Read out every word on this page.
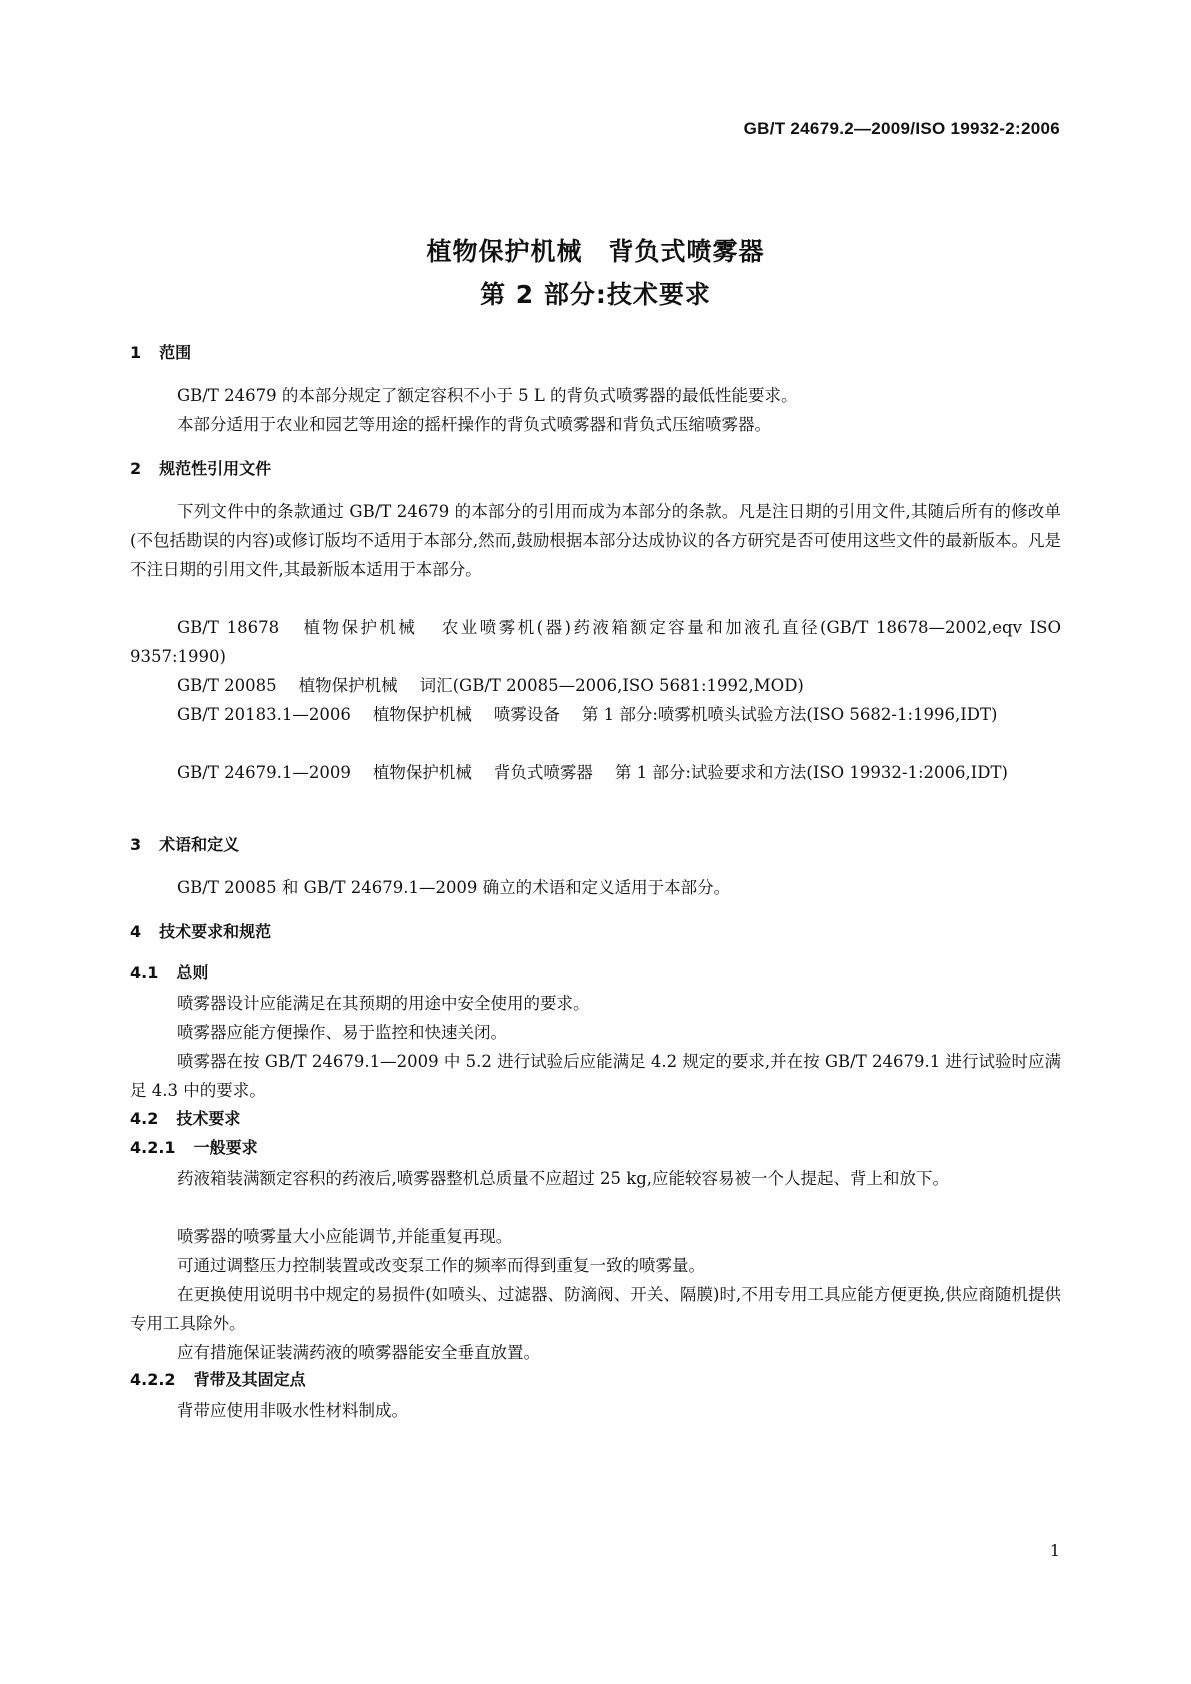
GB/T 24679.2—2009/ISO 19932-2:2006
植物保护机械　背负式喷雾器
第 2 部分:技术要求
1 范围
GB/T 24679 的本部分规定了额定容积不小于 5 L 的背负式喷雾器的最低性能要求。
本部分适用于农业和园艺等用途的摇杆操作的背负式喷雾器和背负式压缩喷雾器。
2 规范性引用文件
下列文件中的条款通过 GB/T 24679 的本部分的引用而成为本部分的条款。凡是注日期的引用文件,其随后所有的修改单(不包括勘误的内容)或修订版均不适用于本部分,然而,鼓励根据本部分达成协议的各方研究是否可使用这些文件的最新版本。凡是不注日期的引用文件,其最新版本适用于本部分。
GB/T 18678 植物保护机械 农业喷雾机(器)药液箱额定容量和加液孔直径(GB/T 18678—2002,eqv ISO 9357:1990)
GB/T 20085 植物保护机械 词汇(GB/T 20085—2006,ISO 5681:1992,MOD)
GB/T 20183.1—2006 植物保护机械 喷雾设备 第 1 部分:喷雾机喷头试验方法(ISO 5682-1:1996,IDT)
GB/T 24679.1—2009 植物保护机械 背负式喷雾器 第 1 部分:试验要求和方法(ISO 19932-1:2006,IDT)
3 术语和定义
GB/T 20085 和 GB/T 24679.1—2009 确立的术语和定义适用于本部分。
4 技术要求和规范
4.1 总则
喷雾器设计应能满足在其预期的用途中安全使用的要求。
喷雾器应能方便操作、易于监控和快速关闭。
喷雾器在按 GB/T 24679.1—2009 中 5.2 进行试验后应能满足 4.2 规定的要求,并在按 GB/T 24679.1 进行试验时应满足 4.3 中的要求。
4.2 技术要求
4.2.1 一般要求
药液箱装满额定容积的药液后,喷雾器整机总质量不应超过 25 kg,应能较容易被一个人提起、背上和放下。
喷雾器的喷雾量大小应能调节,并能重复再现。
可通过调整压力控制装置或改变泵工作的频率而得到重复一致的喷雾量。
在更换使用说明书中规定的易损件(如喷头、过滤器、防滴阀、开关、隔膜)时,不用专用工具应能方便更换,供应商随机提供专用工具除外。
应有措施保证装满药液的喷雾器能安全垂直放置。
4.2.2 背带及其固定点
背带应使用非吸水性材料制成。
1
